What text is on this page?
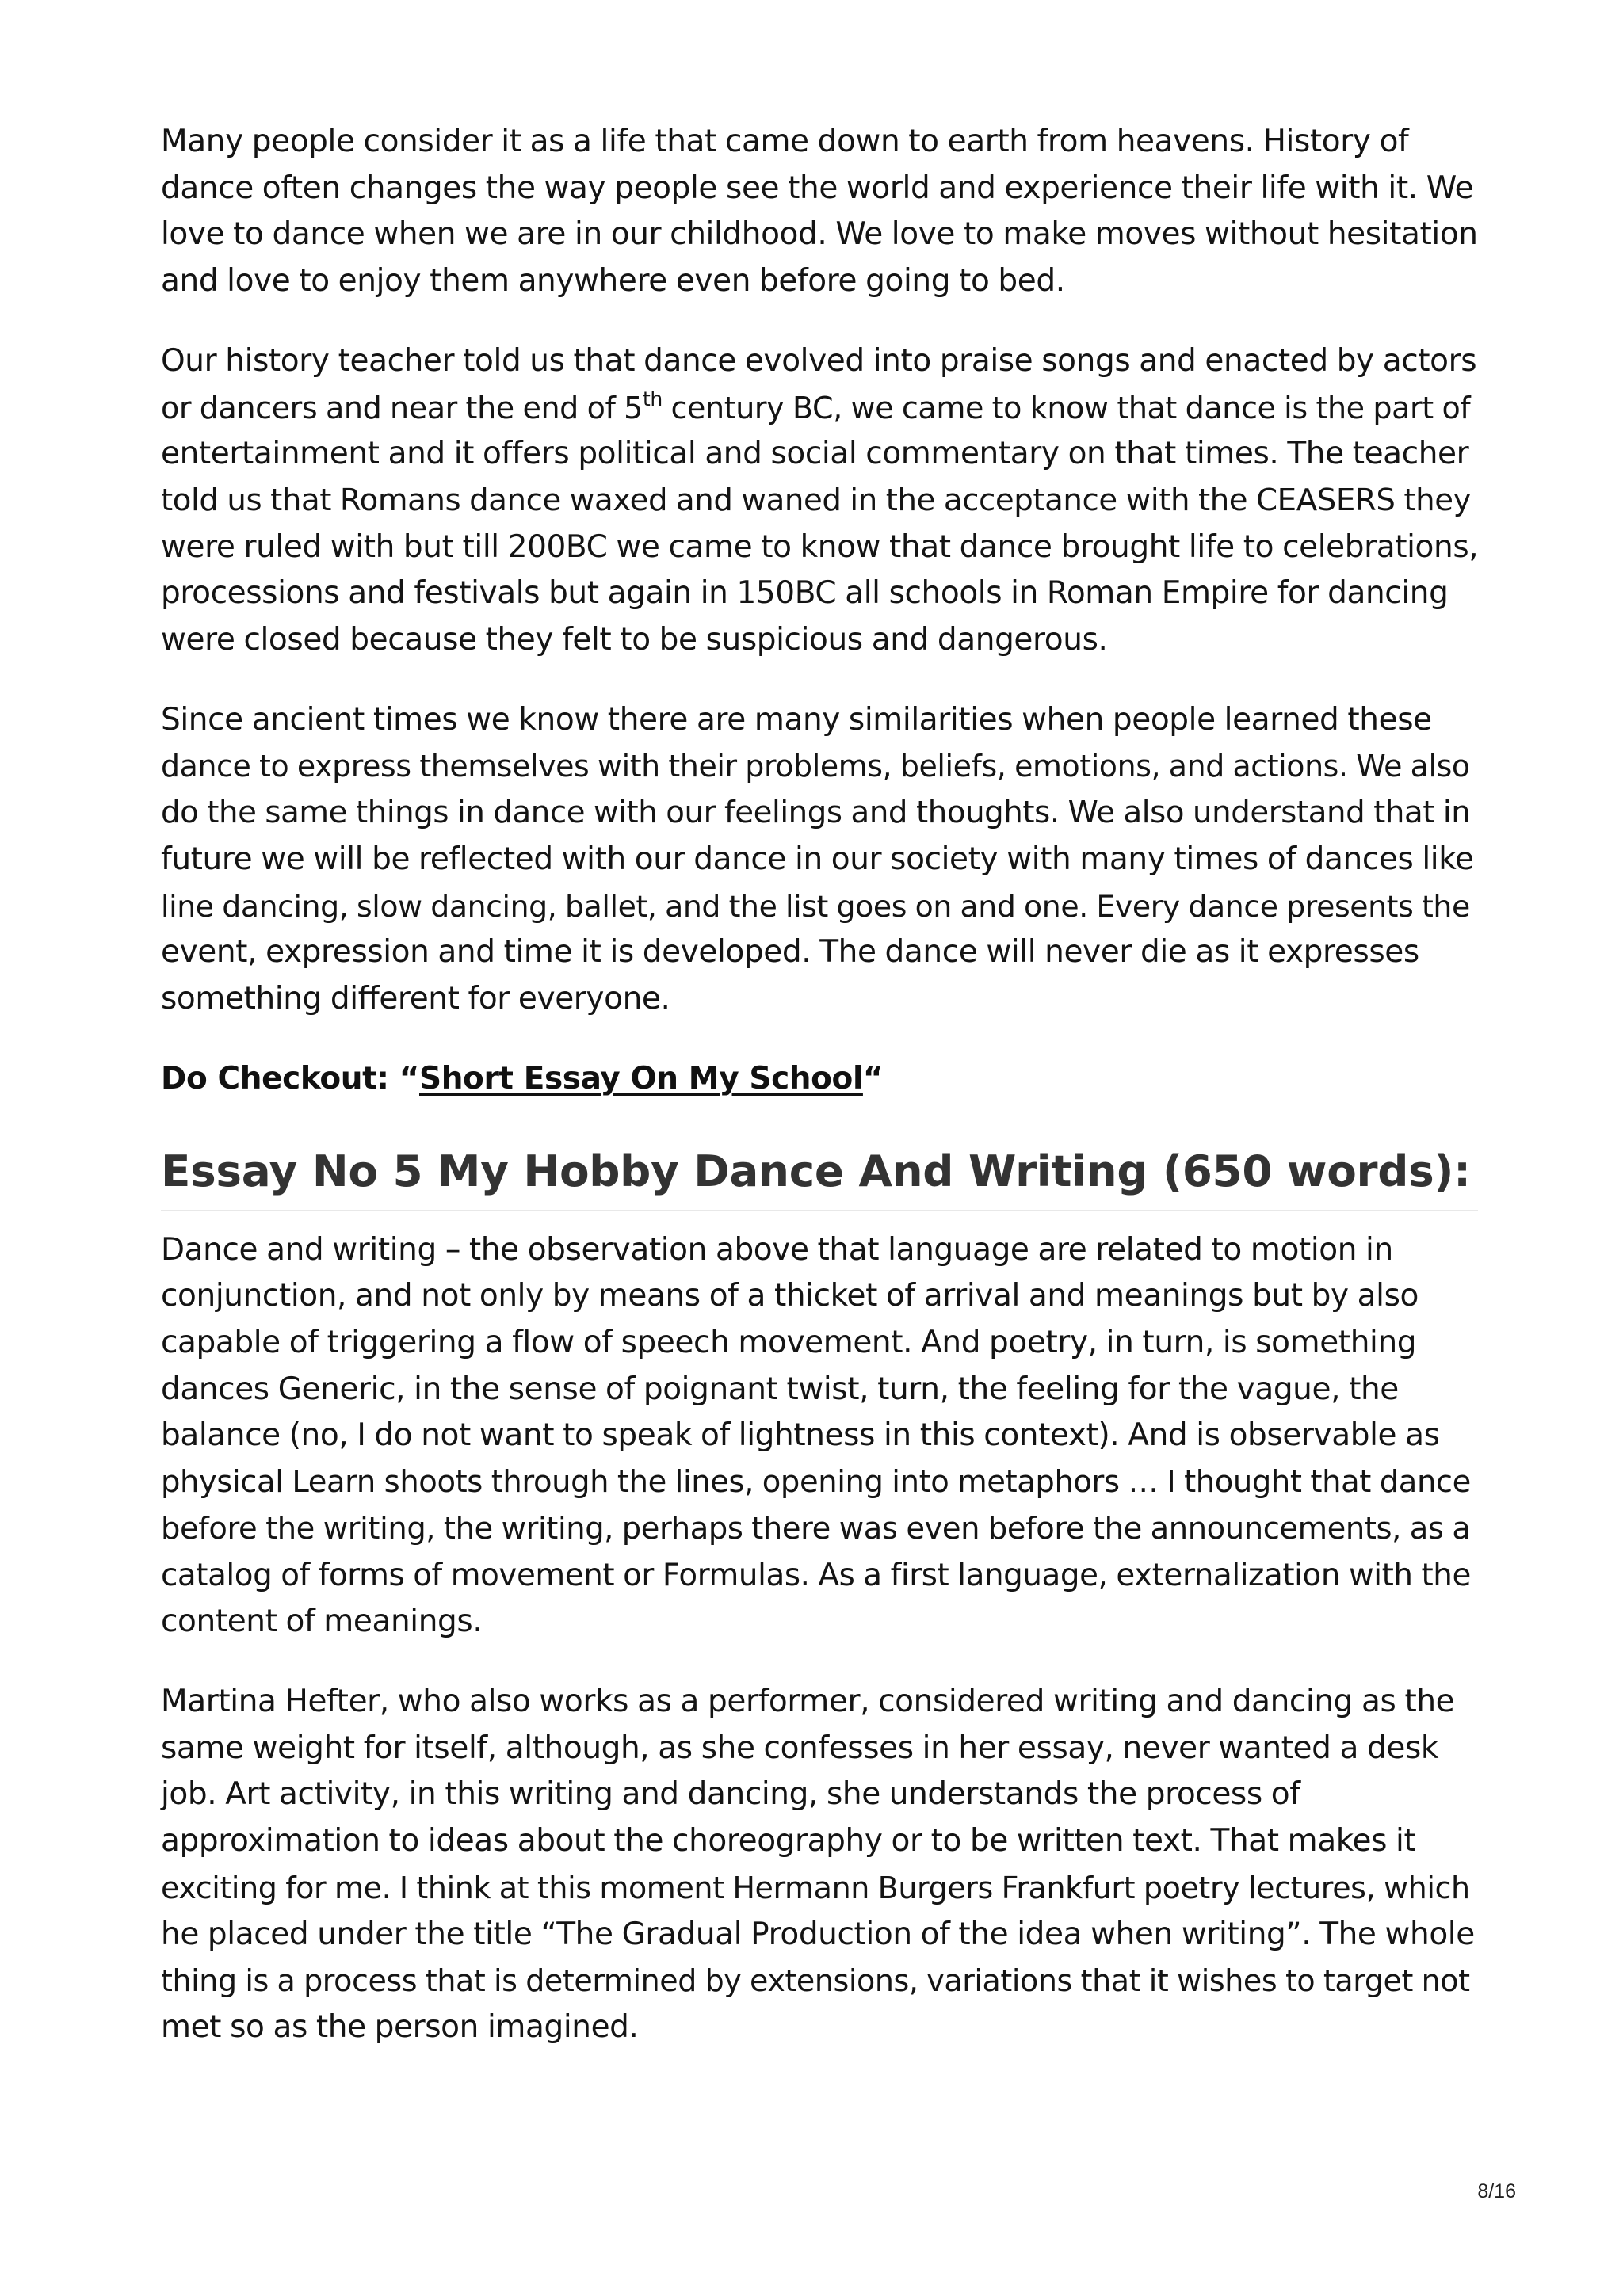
Many people consider it as a life that came down to earth from heavens. History of
dance often changes the way people see the world and experience their life with it. We
love to dance when we are in our childhood. We love to make moves without hesitation
and love to enjoy them anywhere even before going to bed.

Our history teacher told us that dance evolved into praise songs and enacted by actors
or dancers and near the end of 5th century BC, we came to know that dance is the part of
entertainment and it offers political and social commentary on that times. The teacher
told us that Romans dance waxed and waned in the acceptance with the CEASERS they
were ruled with but till 200BC we came to know that dance brought life to celebrations,
processions and festivals but again in 150BC all schools in Roman Empire for dancing
were closed because they felt to be suspicious and dangerous.

Since ancient times we know there are many similarities when people learned these
dance to express themselves with their problems, beliefs, emotions, and actions. We also
do the same things in dance with our feelings and thoughts. We also understand that in
future we will be reflected with our dance in our society with many times of dances like
line dancing, slow dancing, ballet, and the list goes on and one. Every dance presents the
event, expression and time it is developed. The dance will never die as it expresses
something different for everyone.

Do Checkout: “Short Essay On My School“

Essay No 5 My Hobby Dance And Writing (650 words):

Dance and writing – the observation above that language are related to motion in
conjunction, and not only by means of a thicket of arrival and meanings but by also
capable of triggering a flow of speech movement. And poetry, in turn, is something
dances Generic, in the sense of poignant twist, turn, the feeling for the vague, the
balance (no, I do not want to speak of lightness in this context). And is observable as
physical Learn shoots through the lines, opening into metaphors … I thought that dance
before the writing, the writing, perhaps there was even before the announcements, as a
catalog of forms of movement or Formulas. As a first language, externalization with the
content of meanings.

Martina Hefter, who also works as a performer, considered writing and dancing as the
same weight for itself, although, as she confesses in her essay, never wanted a desk
job. Art activity, in this writing and dancing, she understands the process of
approximation to ideas about the choreography or to be written text. That makes it
exciting for me. I think at this moment Hermann Burgers Frankfurt poetry lectures, which
he placed under the title “The Gradual Production of the idea when writing”. The whole
thing is a process that is determined by extensions, variations that it wishes to target not
met so as the person imagined.

8/16
